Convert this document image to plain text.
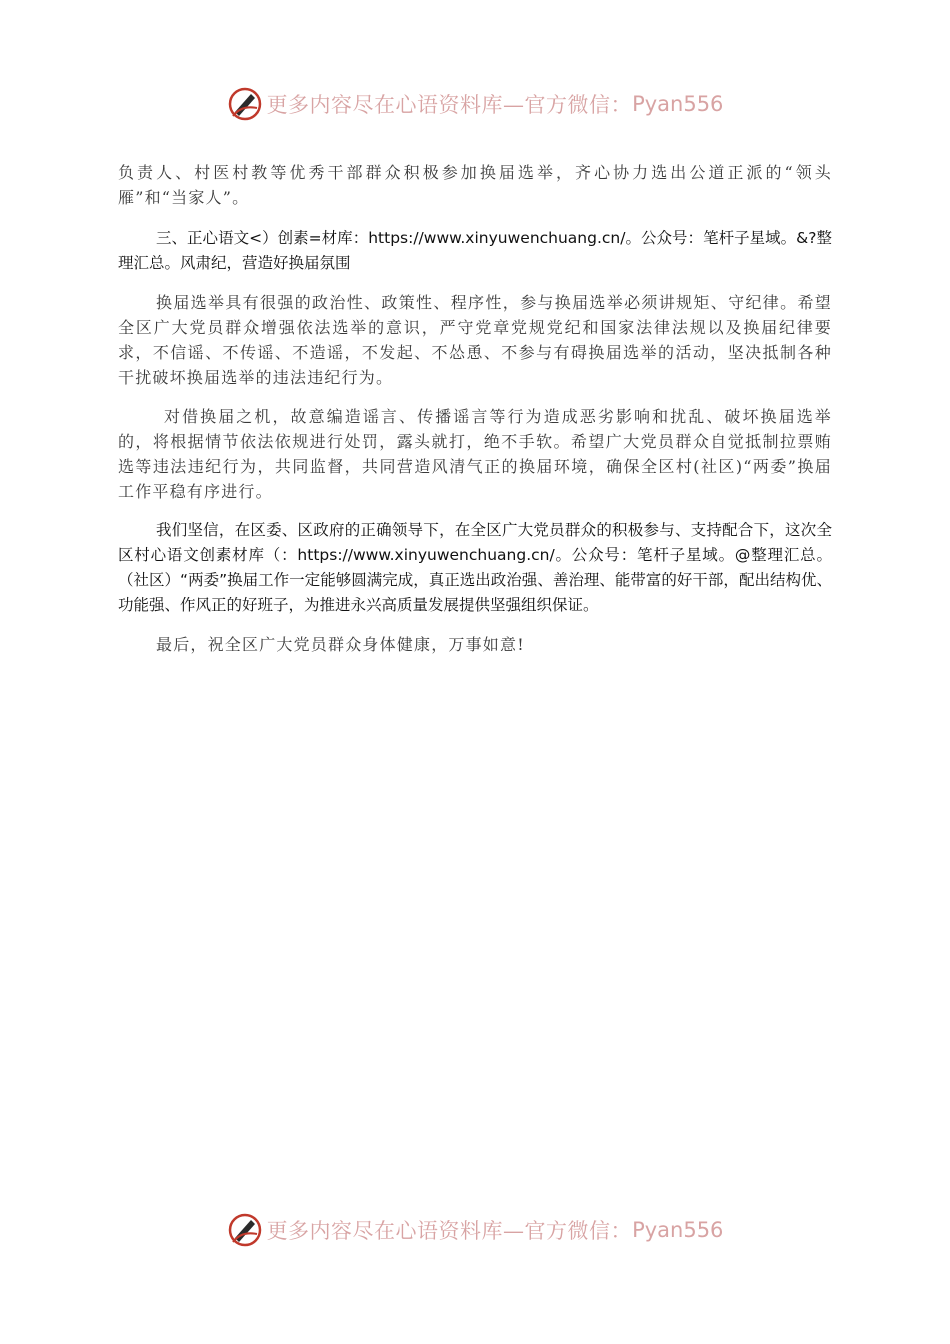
更多内容尽在心语资料库—官方微信： Pyan556

负责人、村医村教等优秀干部群众积极参加换届选举，齐心协力选出公道正派的“领头雁”和“当家人”。

三、正心语文<）创素=材库：https://www.xinyuwenchuang.cn/。公众号：笔杆子星域。&?整理汇总。风肃纪，营造好换届氛围

换届选举具有很强的政治性、政策性、程序性，参与换届选举必须讲规矩、守纪律。希望全区广大党员群众增强依法选举的意识，严守党章党规党纪和国家法律法规以及换届纪律要求，不信谣、不传谣、不造谣，不发起、不怂恿、不参与有碍换届选举的活动，坚决抵制各种干扰破坏换届选举的违法违纪行为。

对借换届之机，故意编造谣言、传播谣言等行为造成恶劣影响和扰乱、破坏换届选举的，将根据情节依法依规进行处罚，露头就打，绝不手软。希望广大党员群众自觉抵制拉票贿选等违法违纪行为，共同监督，共同营造风清气正的换届环境，确保全区村(社区)“两委”换届工作平稳有序进行。

我们坚信，在区委、区政府的正确领导下，在全区广大党员群众的积极参与、支持配合下，这次全区村心语文创素材库（：https://www.xinyuwenchuang.cn/。公众号：笔杆子星域。@整理汇总。（社区）“两委”换届工作一定能够圆满完成，真正选出政治强、善治理、能带富的好干部，配出结构优、功能强、作风正的好班子，为推进永兴高质量发展提供坚强组织保证。

最后，祝全区广大党员群众身体健康，万事如意!

更多内容尽在心语资料库—官方微信： Pyan556
